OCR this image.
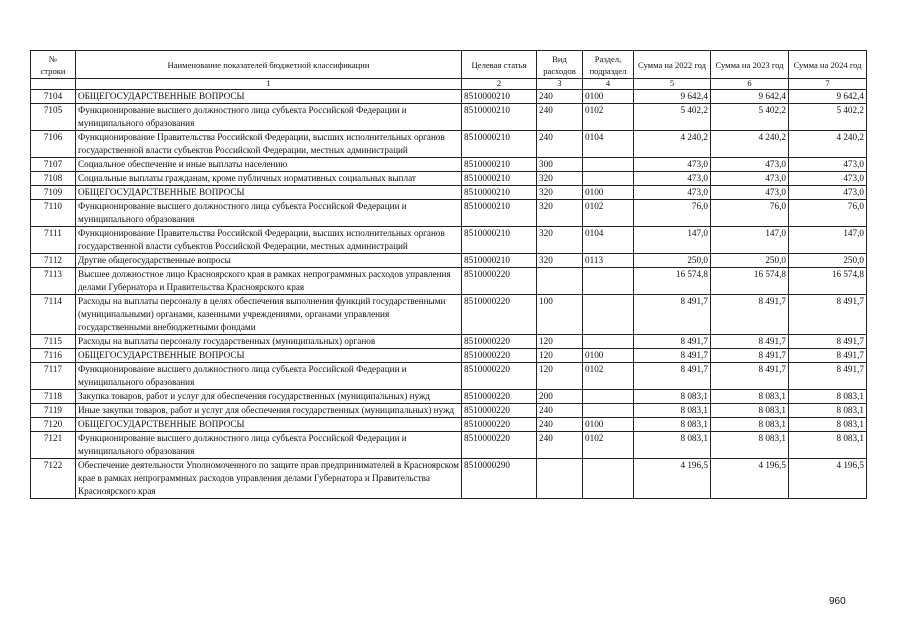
№
строки	Наименование показателей бюджетной классификации	Целевая статья	Вид расходов	Раздел, подраздел	Сумма на 2022 год	Сумма на 2023 год	Сумма на 2024 год
	1	2	3	4	5	6	7
7104	ОБЩЕГОСУДАРСТВЕННЫЕ ВОПРОСЫ	8510000210	240	0100	9 642,4	9 642,4	9 642,4
7105	Функционирование высшего должностного лица субъекта Российской Федерации и муниципального образования	8510000210	240	0102	5 402,2	5 402,2	5 402,2
7106	Функционирование Правительства Российской Федерации, высших исполнительных органов государственной власти субъектов Российской Федерации, местных администраций	8510000210	240	0104	4 240,2	4 240,2	4 240,2
7107	Социальное обеспечение и иные выплаты населению	8510000210	300		473,0	473,0	473,0
7108	Социальные выплаты гражданам, кроме публичных нормативных социальных выплат	8510000210	320		473,0	473,0	473,0
7109	ОБЩЕГОСУДАРСТВЕННЫЕ ВОПРОСЫ	8510000210	320	0100	473,0	473,0	473,0
7110	Функционирование высшего должностного лица субъекта Российской Федерации и муниципального образования	8510000210	320	0102	76,0	76,0	76,0
7111	Функционирование Правительства Российской Федерации, высших исполнительных органов государственной власти субъектов Российской Федерации, местных администраций	8510000210	320	0104	147,0	147,0	147,0
7112	Другие общегосударственные вопросы	8510000210	320	0113	250,0	250,0	250,0
7113	Высшее должностное лицо Красноярского края в рамках непрограммных расходов управления делами Губернатора и Правительства Красноярского края	8510000220			16 574,8	16 574,8	16 574,8
7114	Расходы на выплаты персоналу в целях обеспечения выполнения функций государственными (муниципальными) органами, казенными учреждениями, органами управления государственными внебюджетными фондами	8510000220	100		8 491,7	8 491,7	8 491,7
7115	Расходы на выплаты персоналу государственных (муниципальных) органов	8510000220	120		8 491,7	8 491,7	8 491,7
7116	ОБЩЕГОСУДАРСТВЕННЫЕ ВОПРОСЫ	8510000220	120	0100	8 491,7	8 491,7	8 491,7
7117	Функционирование высшего должностного лица субъекта Российской Федерации и муниципального образования	8510000220	120	0102	8 491,7	8 491,7	8 491,7
7118	Закупка товаров, работ и услуг для обеспечения государственных (муниципальных) нужд	8510000220	200		8 083,1	8 083,1	8 083,1
7119	Иные закупки товаров, работ и услуг для обеспечения государственных (муниципальных) нужд	8510000220	240		8 083,1	8 083,1	8 083,1
7120	ОБЩЕГОСУДАРСТВЕННЫЕ ВОПРОСЫ	8510000220	240	0100	8 083,1	8 083,1	8 083,1
7121	Функционирование высшего должностного лица субъекта Российской Федерации и муниципального образования	8510000220	240	0102	8 083,1	8 083,1	8 083,1
7122	Обеспечение деятельности Уполномоченного по защите прав предпринимателей в Красноярском крае в рамках непрограммных расходов управления делами Губернатора и Правительства Красноярского края	8510000290			4 196,5	4 196,5	4 196,5
960
